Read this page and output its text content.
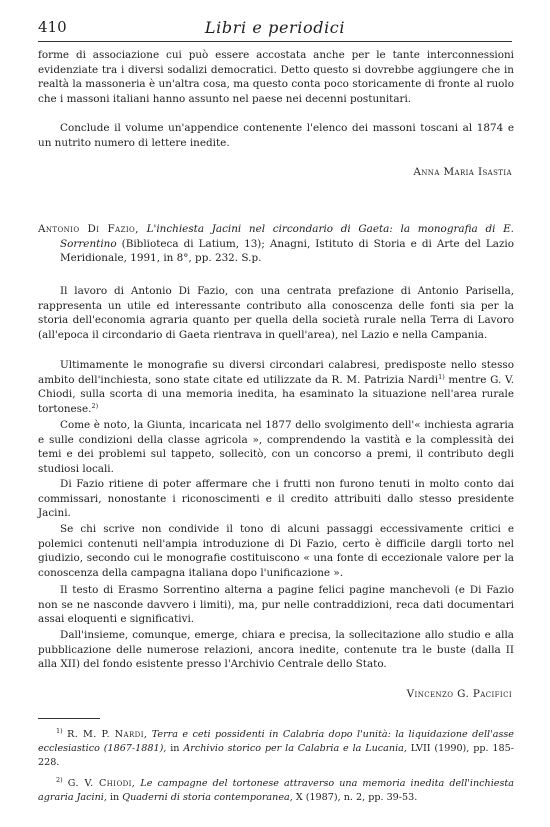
410	Libri e periodici

forme di associazione cui può essere accostata anche per le tante interconnessioni evidenziate tra i diversi sodalizi democratici. Detto questo si dovrebbe aggiungere che in realtà la massoneria è un'altra cosa, ma questo conta poco storicamente di fronte al ruolo che i massoni italiani hanno assunto nel paese nei decenni postunitari.

Conclude il volume un'appendice contenente l'elenco dei massoni toscani al 1874 e un nutrito numero di lettere inedite.

Anna Maria Isastia

Antonio Di Fazio, L'inchiesta Jacini nel circondario di Gaeta: la monografia di E. Sorrentino (Biblioteca di Latium, 13); Anagni, Istituto di Storia e di Arte del Lazio Meridionale, 1991, in 8°, pp. 232. S.p.

Il lavoro di Antonio Di Fazio, con una centrata prefazione di Antonio Parisella, rappresenta un utile ed interessante contributo alla conoscenza delle fonti sia per la storia dell'economia agraria quanto per quella della società rurale nella Terra di Lavoro (all'epoca il circondario di Gaeta rientrava in quell'area), nel Lazio e nella Campania.

Ultimamente le monografie su diversi circondari calabresi, predisposte nello stesso ambito dell'inchiesta, sono state citate ed utilizzate da R. M. Patrizia Nardi$^{1)}$ mentre G. V. Chiodi, sulla scorta di una memoria inedita, ha esaminato la situazione nell'area rurale tortonese.$^{2)}$

Come è noto, la Giunta, incaricata nel 1877 dello svolgimento dell'« inchiesta agraria e sulle condizioni della classe agricola », comprendendo la vastità e la complessità dei temi e dei problemi sul tappeto, sollecitò, con un concorso a premi, il contributo degli studiosi locali.

Di Fazio ritiene di poter affermare che i frutti non furono tenuti in molto conto dai commissari, nonostante i riconoscimenti e il credito attribuiti dallo stesso presidente Jacini.

Se chi scrive non condivide il tono di alcuni passaggi eccessivamente critici e polemici contenuti nell'ampia introduzione di Di Fazio, certo è difficile dargli torto nel giudizio, secondo cui le monografie costituiscono « una fonte di eccezionale valore per la conoscenza della campagna italiana dopo l'unificazione ».

Il testo di Erasmo Sorrentino alterna a pagine felici pagine manchevoli (e Di Fazio non se ne nasconde davvero i limiti), ma, pur nelle contraddizioni, reca dati documentari assai eloquenti e significativi.

Dall'insieme, comunque, emerge, chiara e precisa, la sollecitazione allo studio e alla pubblicazione delle numerose relazioni, ancora inedite, contenute tra le buste (dalla II alla XII) del fondo esistente presso l'Archivio Centrale dello Stato.

Vincenzo G. Pacifici

$^{1)}$ R. M. P. Nardi, Terra e ceti possidenti in Calabria dopo l'unità: la liquidazione dell'asse ecclesiastico (1867-1881), in Archivio storico per la Calabria e la Lucania, LVII (1990), pp. 185-228.

$^{2)}$ G. V. Chiodi, Le campagne del tortonese attraverso una memoria inedita dell'inchiesta agraria Jacini, in Quaderni di storia contemporanea, X (1987), n. 2, pp. 39-53.
